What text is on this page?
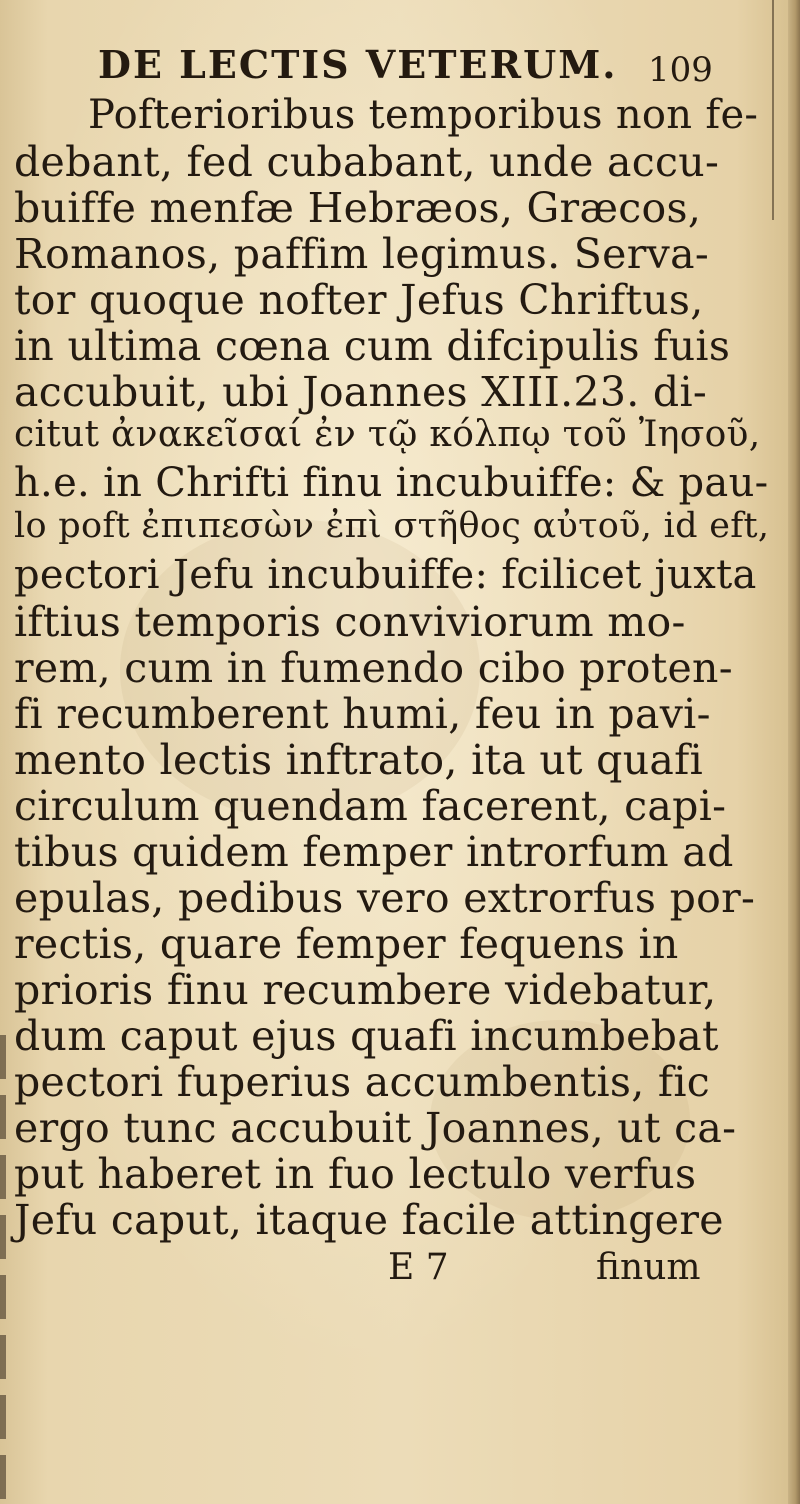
DE LECTIS VETERUM. 109
Pofterioribus temporibus non fe-
debant, fed cubabant, unde accu-
buiffe menfæ Hebræos, Græcos,
Romanos, paffim legimus. Serva-
tor quoque nofter Jefus Chriftus,
in ultima cœna cum difcipulis fuis
accubuit, ubi Joannes XIII.23. di-
citut ἀνακεῖσαί ἐν τῷ κόλπῳ τοῦ Ἰησοῦ,
h.e. in Chrifti finu incubuiffe: & pau-
lo poft ἐπιπεσὼν ἐπὶ στῆθος αὐτοῦ, id eft,
pectori Jefu incubuiffe: fcilicet juxta
iftius temporis conviviorum mo-
rem, cum in fumendo cibo proten-
fi recumberent humi, feu in pavi-
mento lectis inftrato, ita ut quafi
circulum quendam facerent, capi-
tibus quidem femper introrfum ad
epulas, pedibus vero extrorfus por-
rectis, quare femper fequens in
prioris finu recumbere videbatur,
dum caput ejus quafi incumbebat
pectori fuperius accumbentis, fic
ergo tunc accubuit Joannes, ut ca-
put haberet in fuo lectulo verfus
Jefu caput, itaque facile attingere
E 7	finum
